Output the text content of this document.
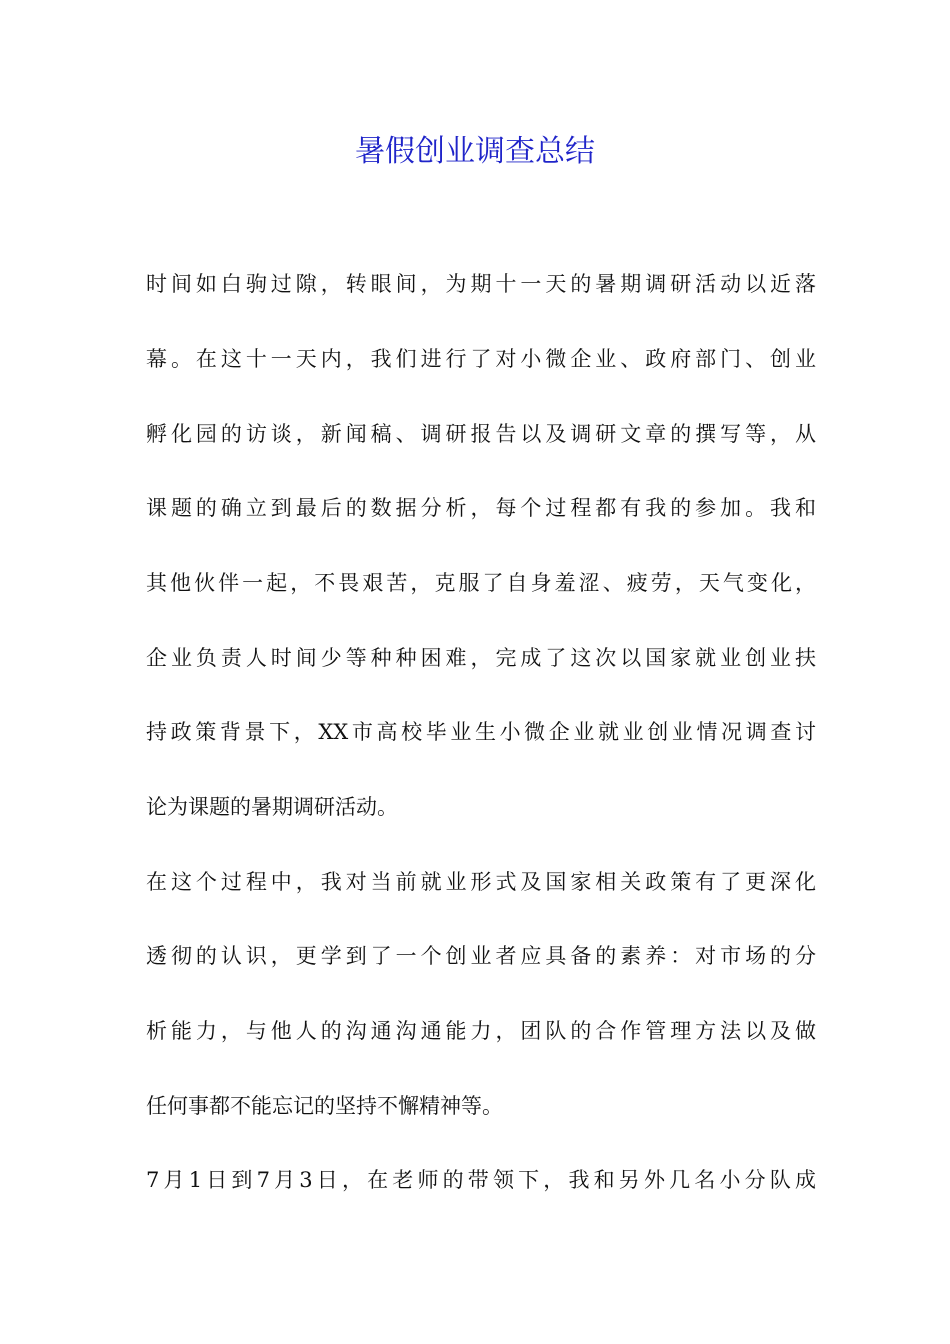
暑假创业调查总结

时间如白驹过隙，转眼间，为期十一天的暑期调研活动以近落

幕。在这十一天内，我们进行了对小微企业、政府部门、创业

孵化园的访谈，新闻稿、调研报告以及调研文章的撰写等，从

课题的确立到最后的数据分析，每个过程都有我的参加。我和

其他伙伴一起，不畏艰苦，克服了自身羞涩、疲劳，天气变化，

企业负责人时间少等种种困难，完成了这次以国家就业创业扶

持政策背景下，XX市高校毕业生小微企业就业创业情况调查讨

论为课题的暑期调研活动。

在这个过程中，我对当前就业形式及国家相关政策有了更深化

透彻的认识，更学到了一个创业者应具备的素养：对市场的分

析能力，与他人的沟通沟通能力，团队的合作管理方法以及做

任何事都不能忘记的坚持不懈精神等。

7月1日到7月3日，在老师的带领下，我和另外几名小分队成
